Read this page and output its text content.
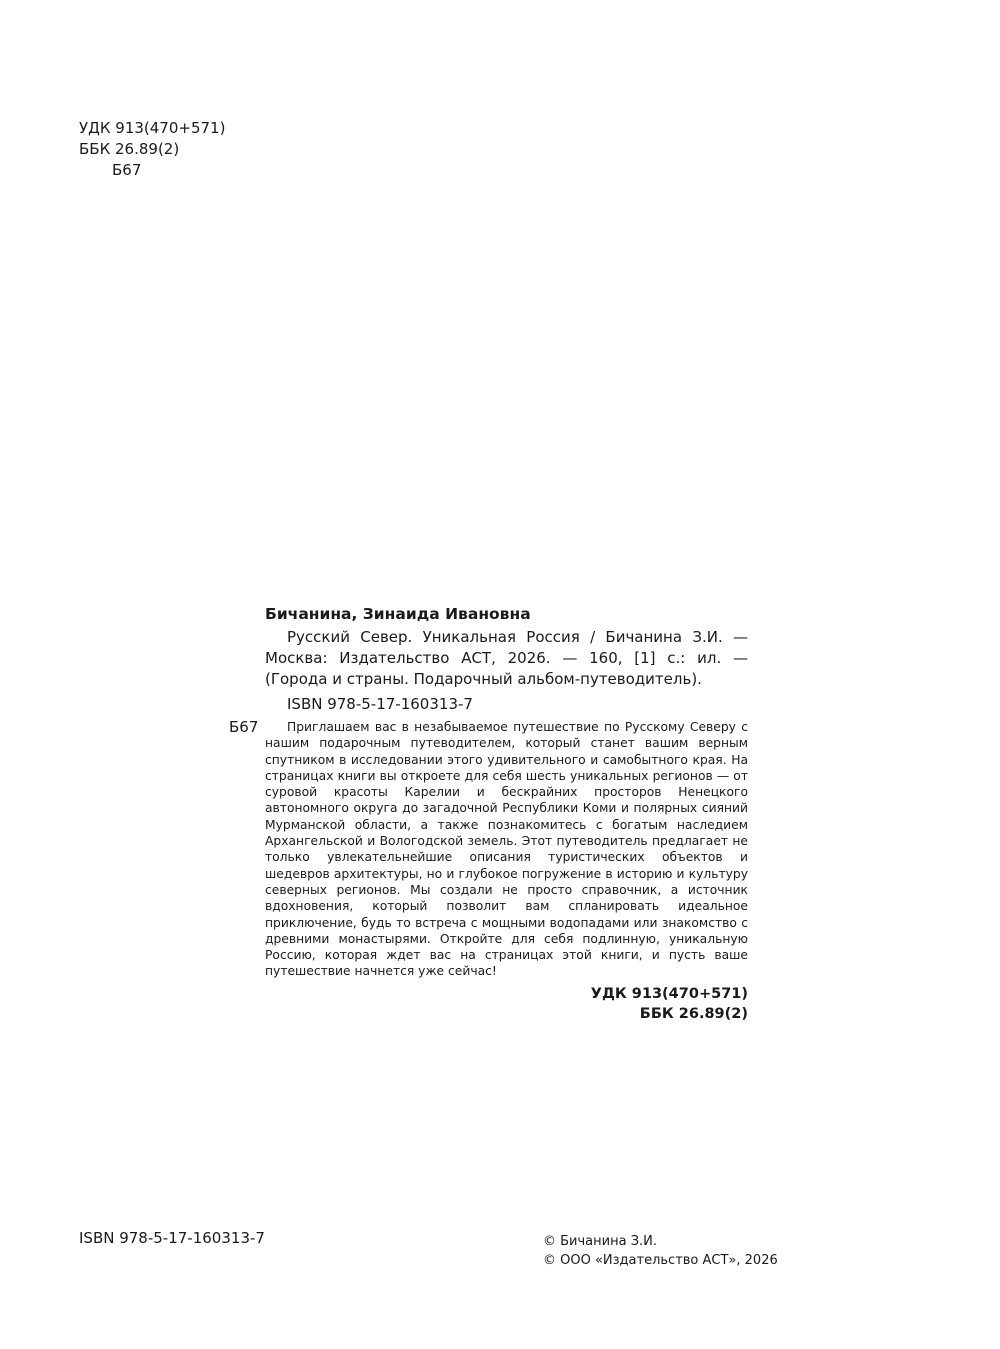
УДК 913(470+571)
ББК 26.89(2)
Б67
Бичанина, Зинаида Ивановна

Русский Север. Уникальная Россия / Бичанина З.И. — Москва: Издательство АСТ, 2026. — 160, [1] с.: ил. — (Города и страны. Подарочный альбом-путеводитель).

ISBN 978-5-17-160313-7
Б67	Приглашаем вас в незабываемое путешествие по Русскому Северу с нашим подарочным путеводителем, который станет вашим верным спутником в исследовании этого удивительного и самобытного края. На страницах книги вы откроете для себя шесть уникальных регионов — от суровой красоты Карелии и бескрайних просторов Ненецкого автономного округа до загадочной Республики Коми и полярных сияний Мурманской области, а также познакомитесь с богатым наследием Архангельской и Вологодской земель. Этот путеводитель предлагает не только увлекательнейшие описания туристических объектов и шедевров архитектуры, но и глубокое погружение в историю и культуру северных регионов. Мы создали не просто справочник, а источник вдохновения, который позволит вам спланировать идеальное приключение, будь то встреча с мощными водопадами или знакомство с древними монастырями. Откройте для себя подлинную, уникальную Россию, которая ждет вас на страницах этой книги, и пусть ваше путешествие начнется уже сейчас!

УДК 913(470+571)
ББК 26.89(2)
ISBN 978-5-17-160313-7	© Бичанина З.И.
© ООО «Издательство АСТ», 2026
